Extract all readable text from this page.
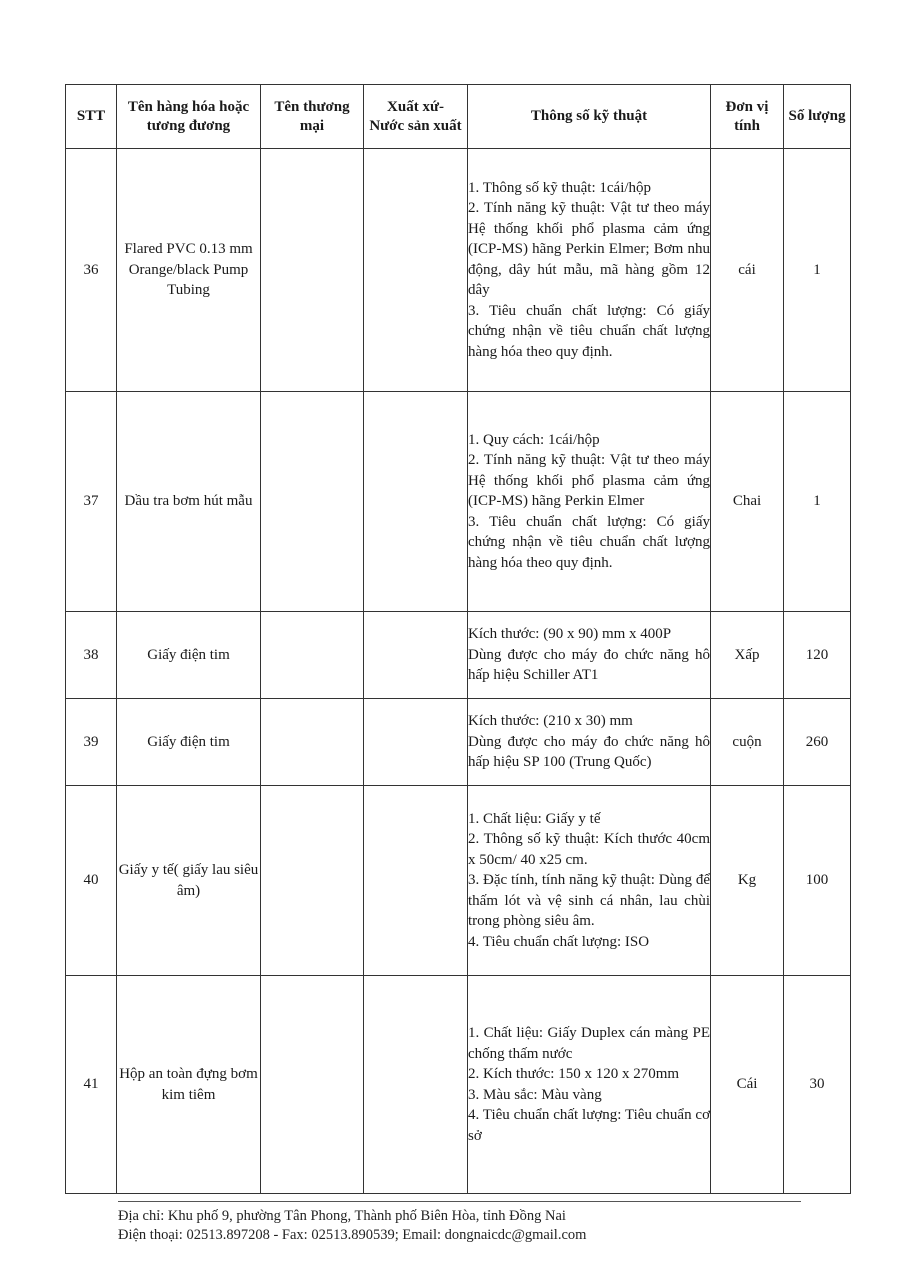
STT	Tên hàng hóa hoặc tương đương	Tên thương mại	Xuất xứ- Nước sản xuất	Thông số kỹ thuật	Đơn vị tính	Số lượng
36	Flared PVC 0.13 mm Orange/black Pump Tubing			1. Thông số kỹ thuật: 1cái/hộp
2. Tính năng kỹ thuật: Vật tư theo máy Hệ thống khối phổ plasma cảm ứng (ICP-MS) hãng Perkin Elmer; Bơm nhu động, dây hút mẫu, mã hàng gồm 12 dây
3. Tiêu chuẩn chất lượng: Có giấy chứng nhận về tiêu chuẩn chất lượng hàng hóa theo quy định.	cái	1
37	Dầu tra bơm hút mẫu			1. Quy cách: 1cái/hộp
2. Tính năng kỹ thuật: Vật tư theo máy Hệ thống khối phổ plasma cảm ứng (ICP-MS) hãng Perkin Elmer
3. Tiêu chuẩn chất lượng: Có giấy chứng nhận về tiêu chuẩn chất lượng hàng hóa theo quy định.	Chai	1
38	Giấy điện tim			Kích thước: (90 x 90) mm x 400P
Dùng được cho máy đo chức năng hô hấp hiệu Schiller AT1	Xấp	120
39	Giấy điện tim			Kích thước: (210 x 30) mm
Dùng được cho máy đo chức năng hô hấp hiệu SP 100 (Trung Quốc)	cuộn	260
40	Giấy y tế( giấy lau siêu âm)			1. Chất liệu: Giấy y tế
2. Thông số kỹ thuật: Kích thước 40cm x 50cm/ 40 x25 cm.
3. Đặc tính, tính năng kỹ thuật: Dùng để thấm lót và vệ sinh cá nhân, lau chùi trong phòng siêu âm.
4. Tiêu chuẩn chất lượng: ISO	Kg	100
41	Hộp an toàn đựng bơm kim tiêm			1. Chất liệu: Giấy Duplex cán màng PE chống thấm nước
2. Kích thước: 150 x 120 x 270mm
3. Màu sắc: Màu vàng
4. Tiêu chuẩn chất lượng: Tiêu chuẩn cơ sở	Cái	30
Địa chỉ: Khu phố 9, phường Tân Phong, Thành phố Biên Hòa, tỉnh Đồng Nai
Điện thoại: 02513.897208 - Fax: 02513.890539; Email: dongnaicdc@gmail.com
